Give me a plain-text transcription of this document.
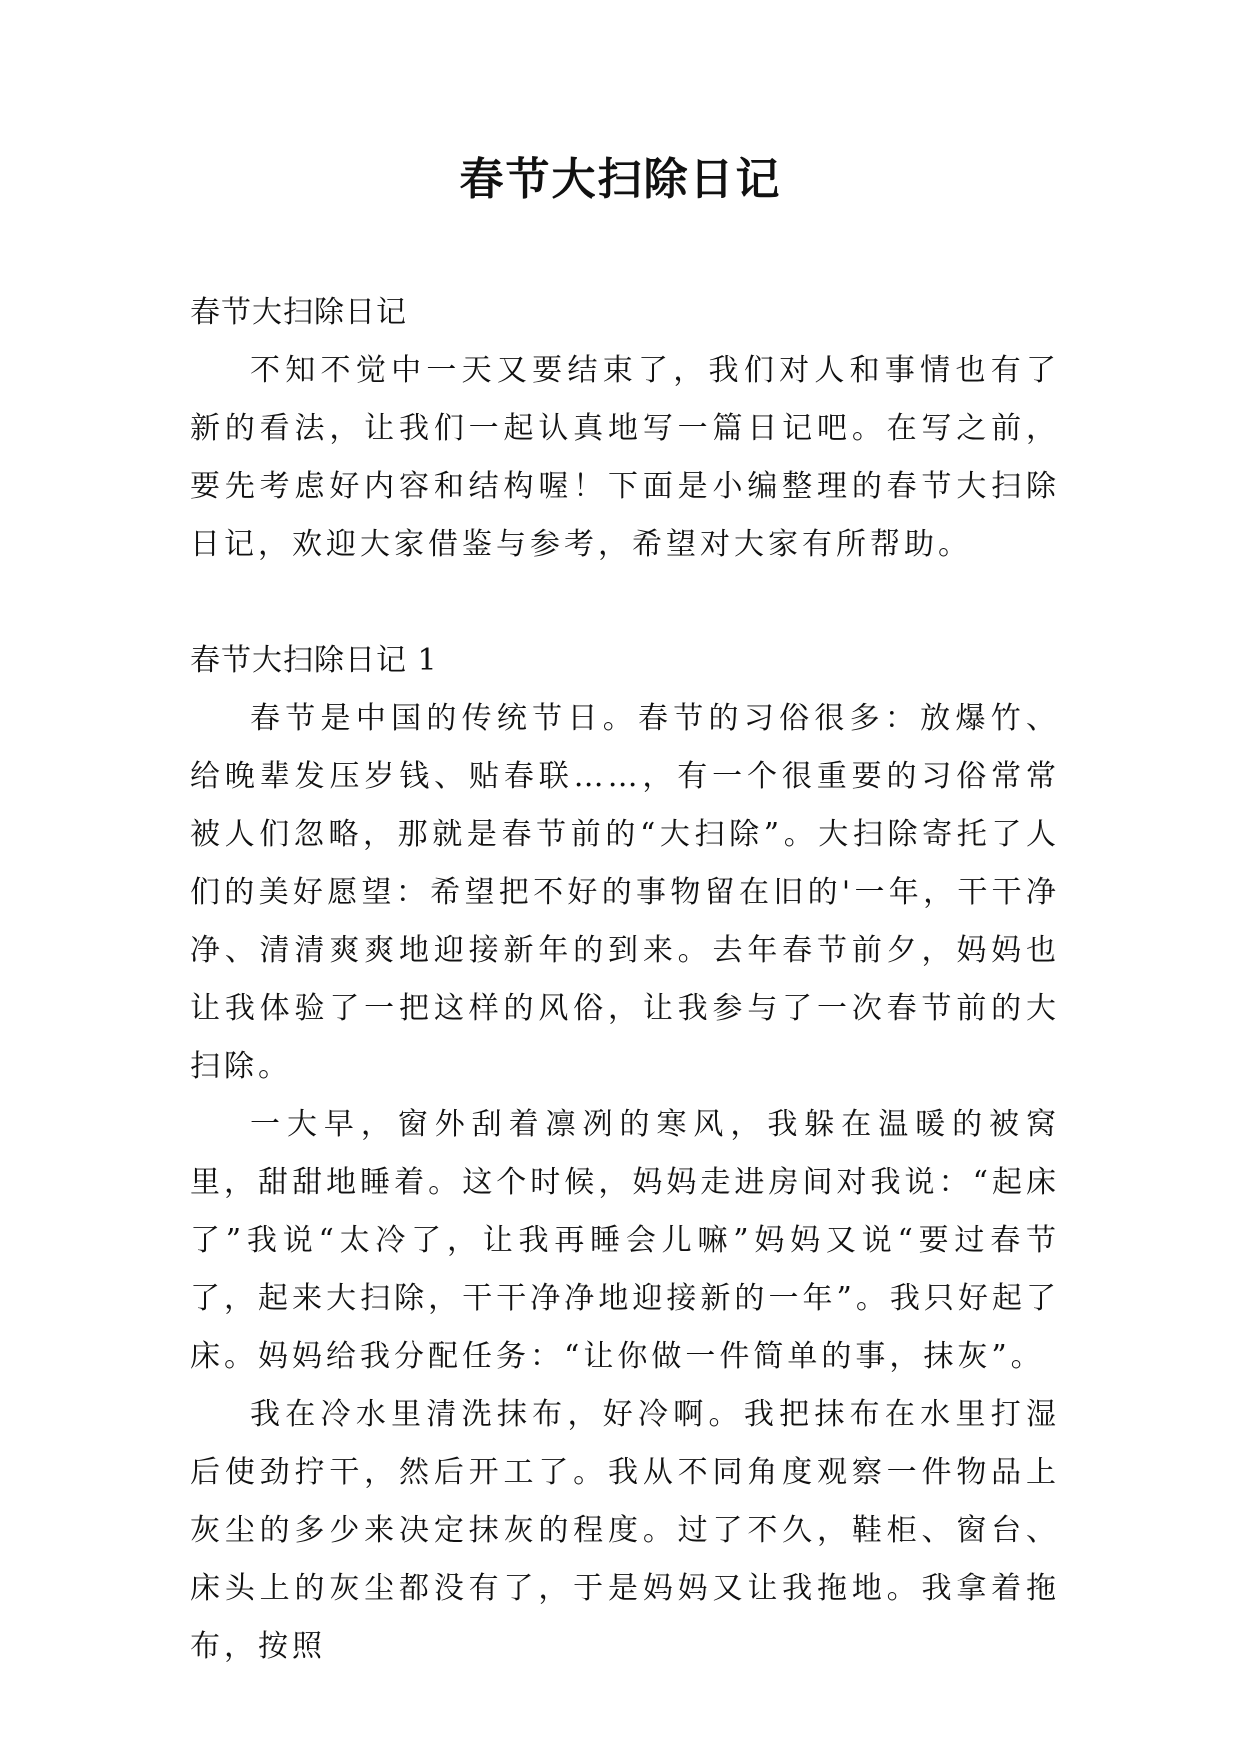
春节大扫除日记

春节大扫除日记

不知不觉中一天又要结束了，我们对人和事情也有了新的看法，让我们一起认真地写一篇日记吧。在写之前，要先考虑好内容和结构喔！下面是小编整理的春节大扫除日记，欢迎大家借鉴与参考，希望对大家有所帮助。

春节大扫除日记 1

春节是中国的传统节日。春节的习俗很多：放爆竹、给晚辈发压岁钱、贴春联……，有一个很重要的习俗常常被人们忽略，那就是春节前的“大扫除”。大扫除寄托了人们的美好愿望：希望把不好的事物留在旧的'一年，干干净净、清清爽爽地迎接新年的到来。去年春节前夕，妈妈也让我体验了一把这样的风俗，让我参与了一次春节前的大扫除。

一大早，窗外刮着凛冽的寒风，我躲在温暖的被窝里，甜甜地睡着。这个时候，妈妈走进房间对我说：“起床了”我说“太冷了，让我再睡会儿嘛”妈妈又说“要过春节了，起来大扫除，干干净净地迎接新的一年”。我只好起了床。妈妈给我分配任务：“让你做一件简单的事，抹灰”。

我在冷水里清洗抹布，好冷啊。我把抹布在水里打湿后使劲拧干，然后开工了。我从不同角度观察一件物品上灰尘的多少来决定抹灰的程度。过了不久，鞋柜、窗台、床头上的灰尘都没有了，于是妈妈又让我拖地。我拿着拖布，按照
